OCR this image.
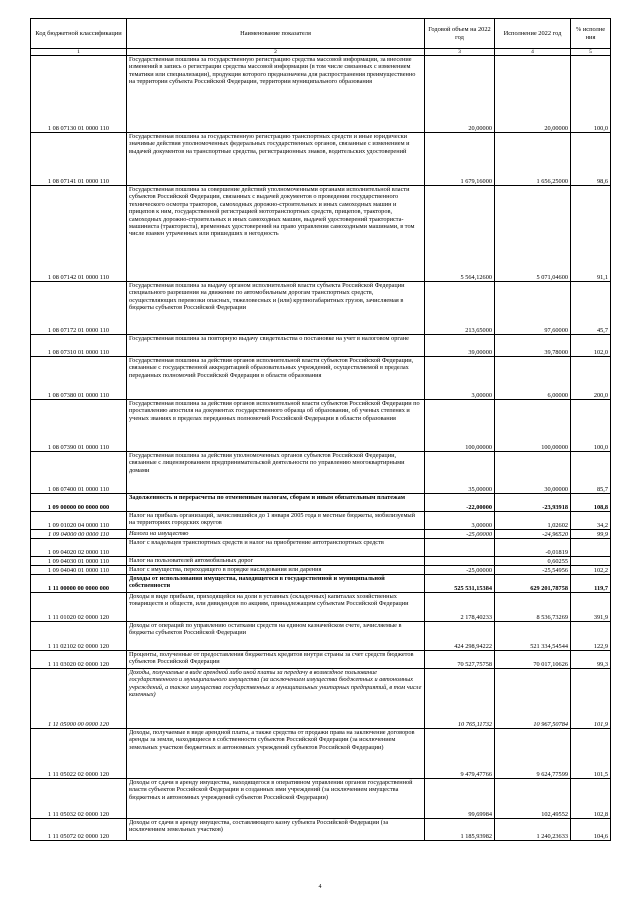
Код бюджетной классификации	Наименование показателя	Годовой объем на 2022 год	Исполнение 2022 год	% исполне ния
1	2	3	4	5
1 08 07130 01 0000 110	Государственная пошлина за государственную регистрацию средства массовой информации, за внесение изменений в запись о регистрации средства массовой информации (в том числе связанных с изменением тематики или специализации), продукция которого предназначена для распространения преимущественно на территории субъекта Российской Федерации, территории муниципального образования	20,00000	20,00000	100,0
1 08 07141 01 0000 110	Государственная пошлина за государственную регистрацию транспортных средств и иные юридически значимые действия уполномоченных федеральных государственных органов, связанные с изменением и выдачей документов на транспортные средства, регистрационных знаков, водительских удостоверений	1 679,16000	1 656,25000	98,6
1 08 07142 01 0000 110	Государственная пошлина за совершение действий уполномоченными органами исполнительной власти субъектов Российской Федерации, связанных с выдачей документов о проведении государственного технического осмотра тракторов, самоходных дорожно-строительных и иных самоходных машин и прицепов к ним, государственной регистрацией мототранспортных средств, прицепов, тракторов, самоходных дорожно-строительных и иных самоходных машин, выдачей удостоверений тракториста-машиниста (тракториста), временных удостоверений на право управления самоходными машинами, в том числе взамен утраченных или пришедших в негодность	5 564,12600	5 071,04600	91,1
1 08 07172 01 0000 110	Государственная пошлина за выдачу органом исполнительной власти субъекта Российской Федерации специального разрешения на движение по автомобильным дорогам транспортных средств, осуществляющих перевозки опасных, тяжеловесных и (или) крупногабаритных грузов, зачисляемая в бюджеты субъектов Российской Федерации	213,65000	97,60000	45,7
1 08 07310 01 0000 110	Государственная пошлина за повторную выдачу свидетельства о постановке на учет в налоговом органе	39,00000	39,78000	102,0
1 08 07380 01 0000 110	Государственная пошлина за действия органов исполнительной власти субъектов Российской Федерации, связанные с государственной аккредитацией образовательных учреждений, осуществляемой в пределах переданных полномочий Российской Федерации в области образования	3,00000	6,00000	200,0
1 08 07390 01 0000 110	Государственная пошлина за действия органов исполнительной власти субъектов Российской Федерации по проставлению апостиля на документах государственного образца об образовании, об ученых степенях и ученых званиях в пределах переданных полномочий Российской Федерации в области образования	100,00000	100,00000	100,0
1 08 07400 01 0000 110	Государственная пошлина за действия уполномоченных органов субъектов Российской Федерации, связанные с лицензированием предпринимательской деятельности по управлению многоквартирными домами	35,00000	30,00000	85,7
1 09 00000 00 0000 000	Задолженность и перерасчеты по отмененным налогам, сборам и иным обязательным платежам	-22,00000	-23,93918	108,8
1 09 01020 04 0000 110	Налог на прибыль организаций, зачислявшийся до 1 января 2005 года в местные бюджеты, мобилизуемый на территориях городских округов	3,00000	1,02602	34,2
1 09 04000 00 0000 110	Налоги на имущество	-25,00000	-24,96520	99,9
1 09 04020 02 0000 110	Налог с владельцев транспортных средств и налог на приобретение автотранспортных средств		-0,01819	
1 09 04030 01 0000 110	Налог на пользователей автомобильных дорог		0,60255	
1 09 04040 01 0000 110	Налог с имущества, переходящего в порядке наследования или дарения	-25,00000	-25,54956	102,2
1 11 00000 00 0000 000	Доходы от использования имущества, находящегося в государственной и муниципальной собственности	525 531,15384	629 201,78758	119,7
1 11 01020 02 0000 120	Доходы в виде прибыли, приходящейся на доли в уставных (складочных) капиталах хозяйственных товариществ и обществ, или дивидендов по акциям, принадлежащим субъектам Российской Федерации	2 178,40233	8 536,73269	391,9
1 11 02102 02 0000 120	Доходы от операций по управлению остатками средств на едином казначейском счете, зачисляемые в бюджеты субъектов Российской Федерации	424 298,94222	521 334,54544	122,9
1 11 03020 02 0000 120	Проценты, полученные от предоставления бюджетных кредитов внутри страны за счет средств бюджетов субъектов Российской Федерации	70 527,75758	70 017,10626	99,3
1 11 05000 00 0000 120	Доходы, получаемые в виде арендной либо иной платы за передачу в возмездное пользование государственного и муниципального имущества (за исключением имущества бюджетных и автономных учреждений, а также имущества государственных и муниципальных унитарных предприятий, в том числе казенных)	10 765,11732	10 967,50784	101,9
1 11 05022 02 0000 120	Доходы, получаемые в виде арендной платы, а также средства от продажи права на заключение договоров аренды за земли, находящиеся в собственности субъектов Российской Федерации (за исключением земельных участков бюджетных и автономных учреждений субъектов Российской Федерации)	9 479,47766	9 624,77599	101,5
1 11 05032 02 0000 120	Доходы от сдачи в аренду имущества, находящегося в оперативном управлении органов государственной власти субъектов Российской Федерации и созданных ими учреждений (за исключением имущества бюджетных и автономных учреждений субъектов Российской Федерации)	99,69984	102,49552	102,8
1 11 05072 02 0000 120	Доходы от сдачи в аренду имущества, составляющего казну субъекта Российской Федерации (за исключением земельных участков)	1 185,93982	1 240,23633	104,6
4
